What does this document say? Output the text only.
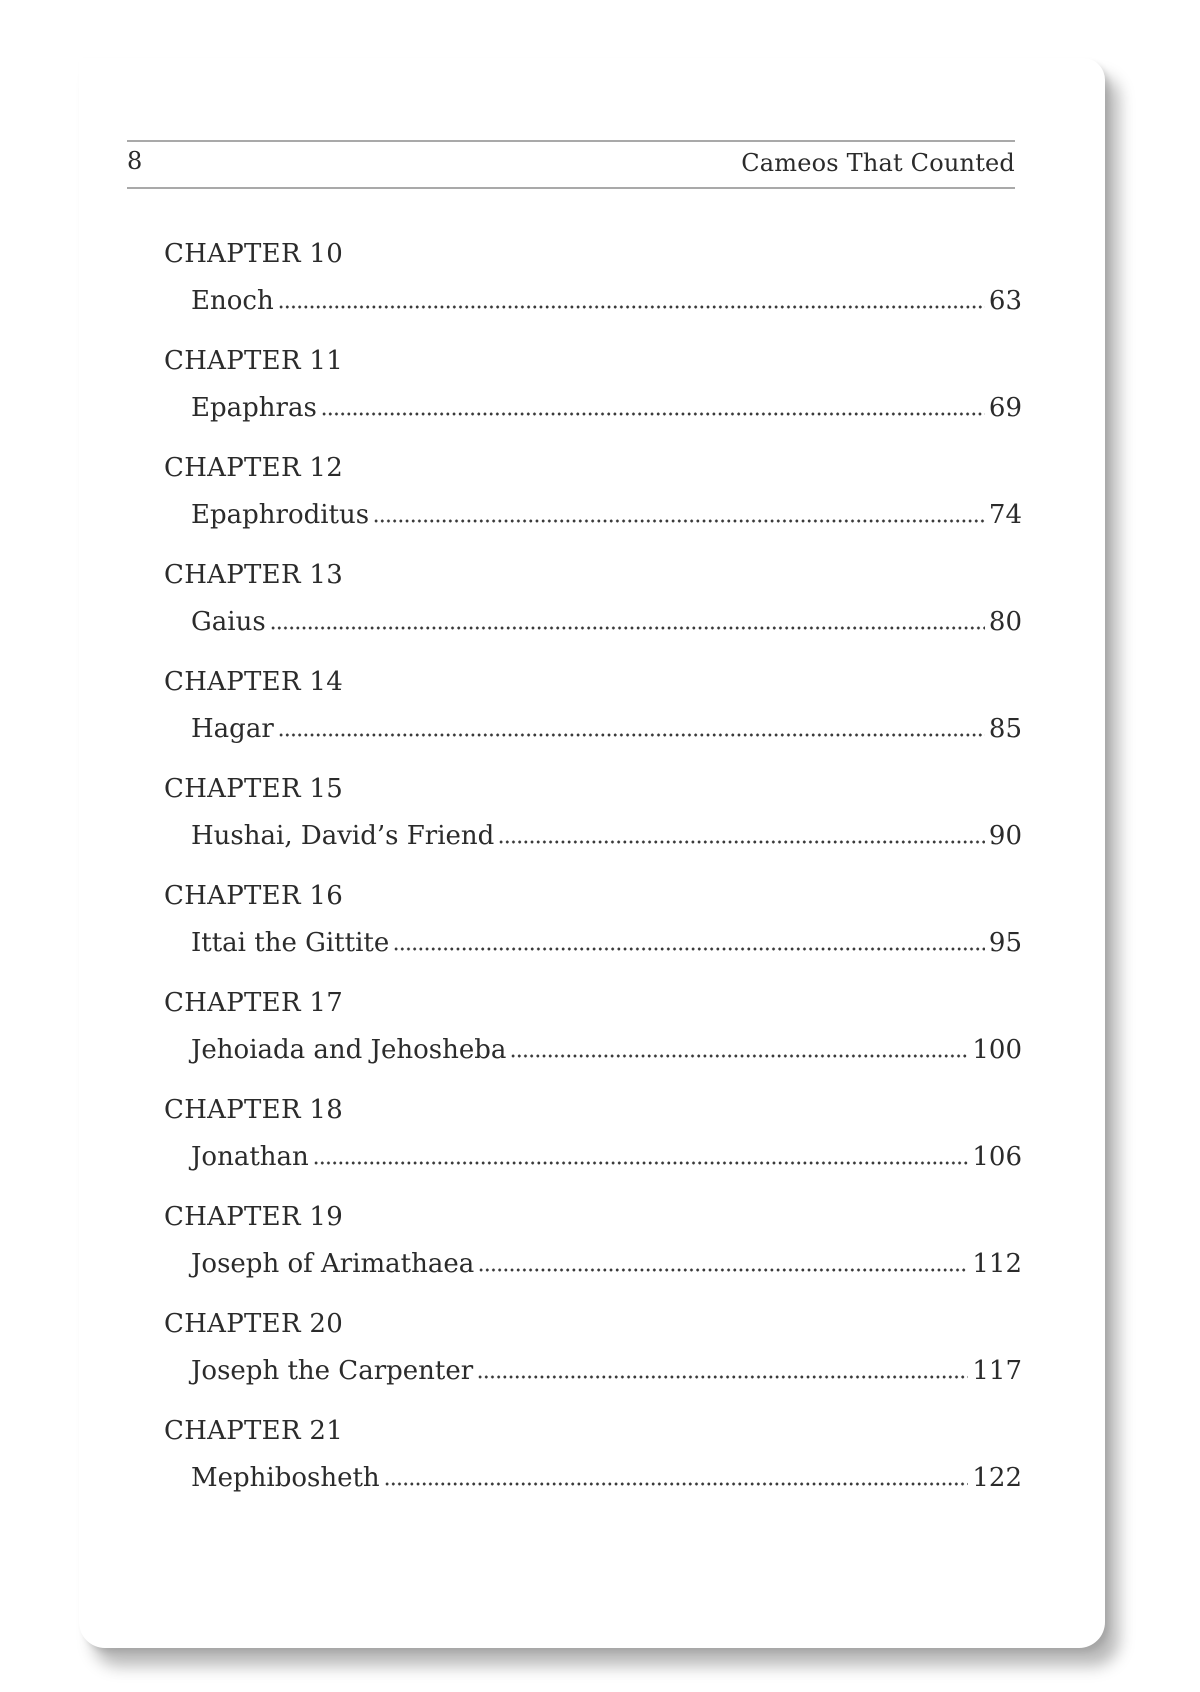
8	Cameos That Counted
CHAPTER 10
Enoch	63
CHAPTER 11
Epaphras	69
CHAPTER 12
Epaphroditus	74
CHAPTER 13
Gaius	80
CHAPTER 14
Hagar	85
CHAPTER 15
Hushai, David’s Friend	90
CHAPTER 16
Ittai the Gittite	95
CHAPTER 17
Jehoiada and Jehosheba	100
CHAPTER 18
Jonathan	106
CHAPTER 19
Joseph of Arimathaea	112
CHAPTER 20
Joseph the Carpenter	117
CHAPTER 21
Mephibosheth	122
